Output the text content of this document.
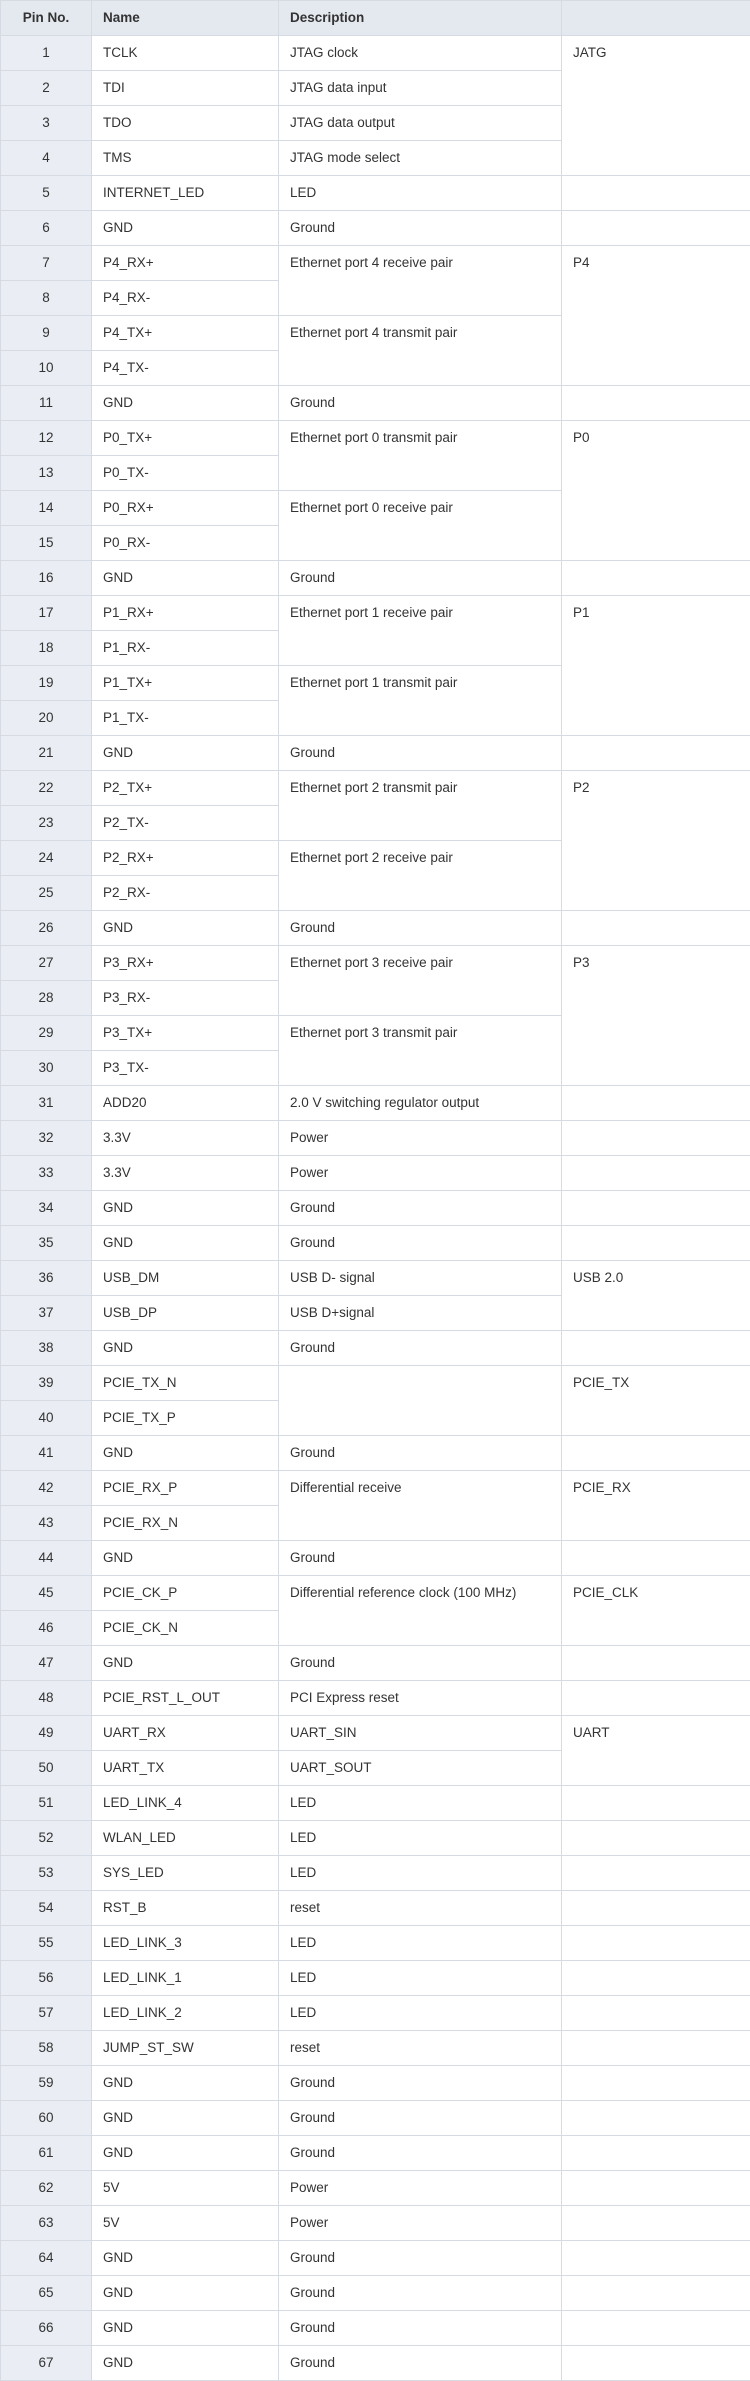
Pin No.	Name	Description	
1	TCLK	JTAG clock	JATG
2	TDI	JTAG data input	
3	TDO	JTAG data output	
4	TMS	JTAG mode select	
5	INTERNET_LED	LED	
6	GND	Ground	
7	P4_RX+	Ethernet port 4 receive pair	P4
8	P4_RX-		
9	P4_TX+	Ethernet port 4 transmit pair	
10	P4_TX-		
11	GND	Ground	
12	P0_TX+	Ethernet port 0 transmit pair	P0
13	P0_TX-		
14	P0_RX+	Ethernet port 0 receive pair	
15	P0_RX-		
16	GND	Ground	
17	P1_RX+	Ethernet port 1 receive pair	P1
18	P1_RX-		
19	P1_TX+	Ethernet port 1 transmit pair	
20	P1_TX-		
21	GND	Ground	
22	P2_TX+	Ethernet port 2 transmit pair	P2
23	P2_TX-		
24	P2_RX+	Ethernet port 2 receive pair	
25	P2_RX-		
26	GND	Ground	
27	P3_RX+	Ethernet port 3 receive pair	P3
28	P3_RX-		
29	P3_TX+	Ethernet port 3 transmit pair	
30	P3_TX-		
31	ADD20	2.0 V switching regulator output	
32	3.3V	Power	
33	3.3V	Power	
34	GND	Ground	
35	GND	Ground	
36	USB_DM	USB D- signal	USB 2.0
37	USB_DP	USB D+signal	
38	GND	Ground	
39	PCIE_TX_N		PCIE_TX
40	PCIE_TX_P		
41	GND	Ground	
42	PCIE_RX_P	Differential receive	PCIE_RX
43	PCIE_RX_N		
44	GND	Ground	
45	PCIE_CK_P	Differential reference clock (100 MHz)	PCIE_CLK
46	PCIE_CK_N		
47	GND	Ground	
48	PCIE_RST_L_OUT	PCI Express reset	
49	UART_RX	UART_SIN	UART
50	UART_TX	UART_SOUT	
51	LED_LINK_4	LED	
52	WLAN_LED	LED	
53	SYS_LED	LED	
54	RST_B	reset	
55	LED_LINK_3	LED	
56	LED_LINK_1	LED	
57	LED_LINK_2	LED	
58	JUMP_ST_SW	reset	
59	GND	Ground	
60	GND	Ground	
61	GND	Ground	
62	5V	Power	
63	5V	Power	
64	GND	Ground	
65	GND	Ground	
66	GND	Ground	
67	GND	Ground	
